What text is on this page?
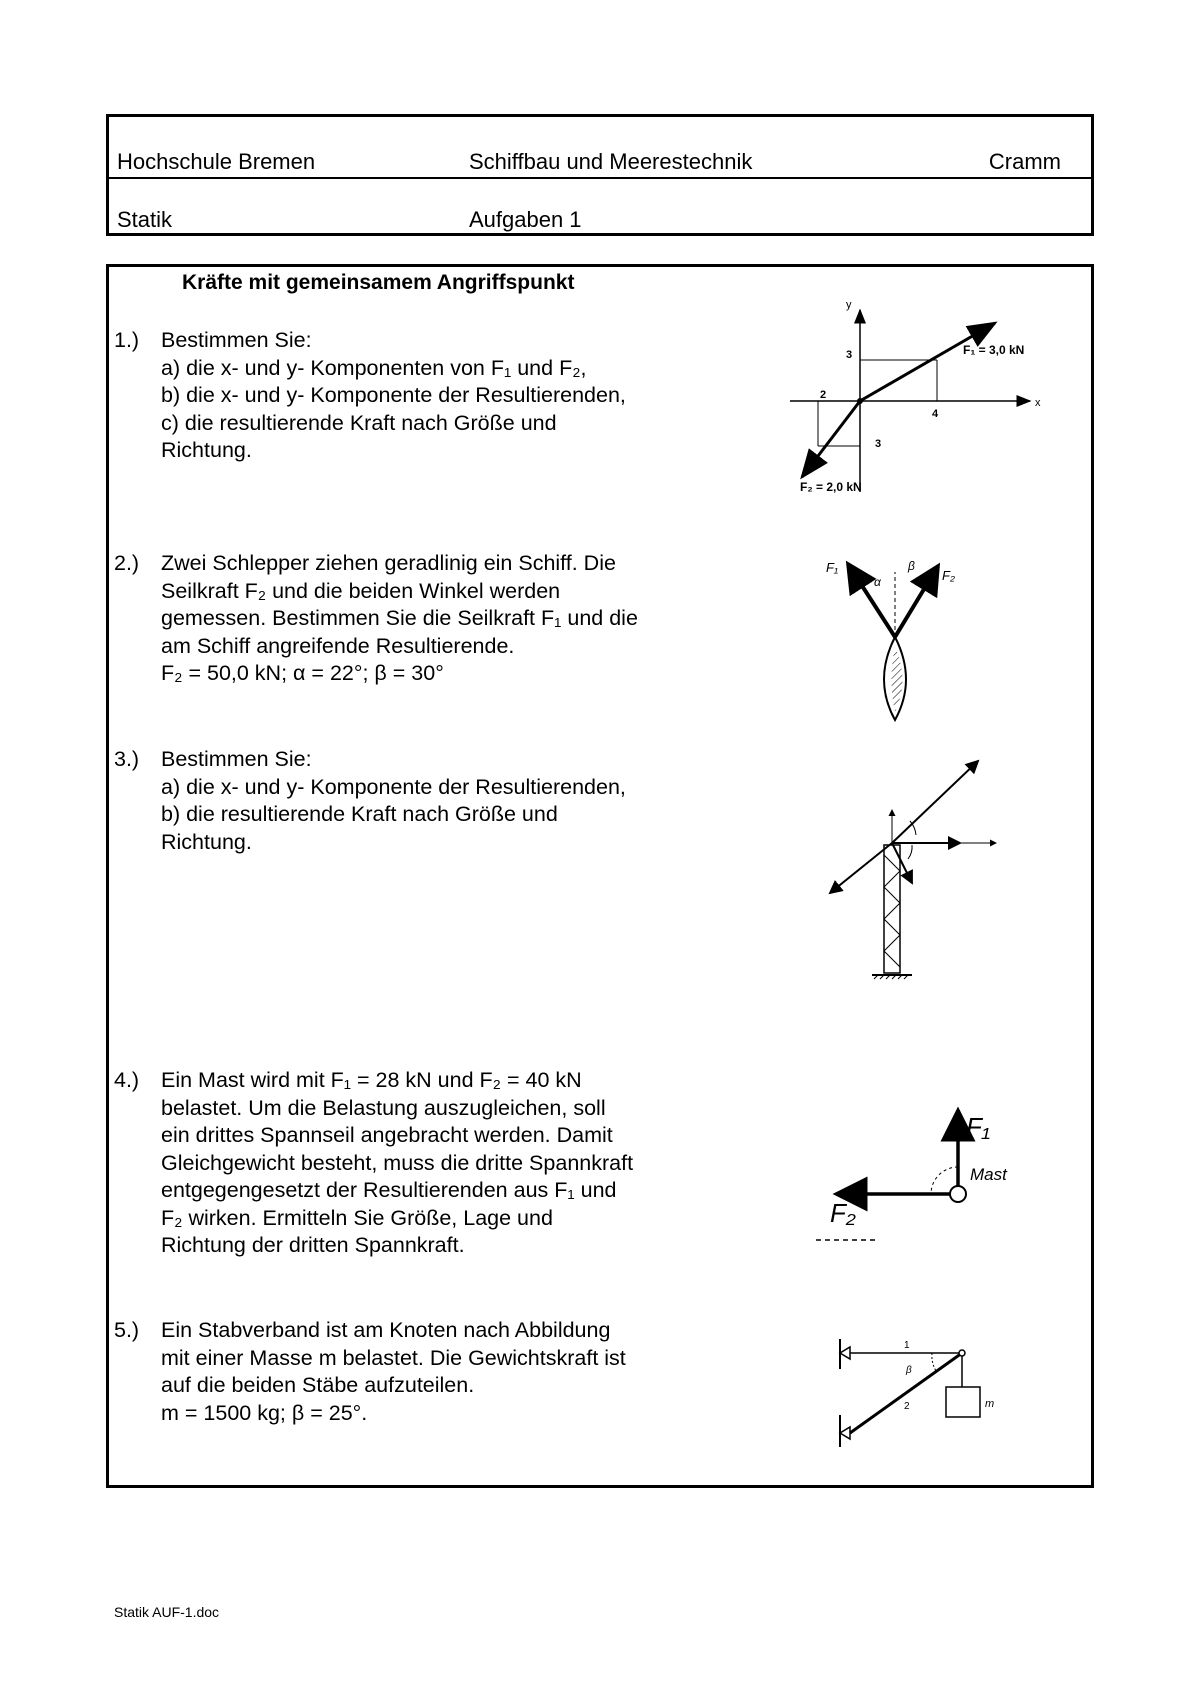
Hochschule Bremen	Schiffbau und Meerestechnik	Cramm
Statik	Aufgaben 1
Kräfte mit gemeinsamem Angriffspunkt
1.) Bestimmen Sie:
a) die x- und y- Komponenten von F₁ und F₂,
b) die x- und y- Komponente der Resultierenden,
c) die resultierende Kraft nach Größe und
Richtung.
2.) Zwei Schlepper ziehen geradlinig ein Schiff. Die
Seilkraft F₂ und die beiden Winkel werden
gemessen. Bestimmen Sie die Seilkraft F₁ und die
am Schiff angreifende Resultierende.
F₂ = 50,0 kN; α = 22°; β = 30°
3.) Bestimmen Sie:
a) die x- und y- Komponente der Resultierenden,
b) die resultierende Kraft nach Größe und
Richtung.
4.) Ein Mast wird mit F₁ = 28 kN und F₂ = 40 kN
belastet. Um die Belastung auszugleichen, soll
ein drittes Spannseil angebracht werden. Damit
Gleichgewicht besteht, muss die dritte Spannkraft
entgegengesetzt der Resultierenden aus F₁ und
F₂ wirken. Ermitteln Sie Größe, Lage und
Richtung der dritten Spannkraft.
5.) Ein Stabverband ist am Knoten nach Abbildung
mit einer Masse m belastet. Die Gewichtskraft ist
auf die beiden Stäbe aufzuteilen.
m = 1500 kg; β = 25°.
y
x
3
4
2
3
F₁ = 3,0 kN
F₂ = 2,0 kN
F₁
F₂
α
β
F₁
F₂
Mast
1
2
β
m
Statik AUF-1.doc
